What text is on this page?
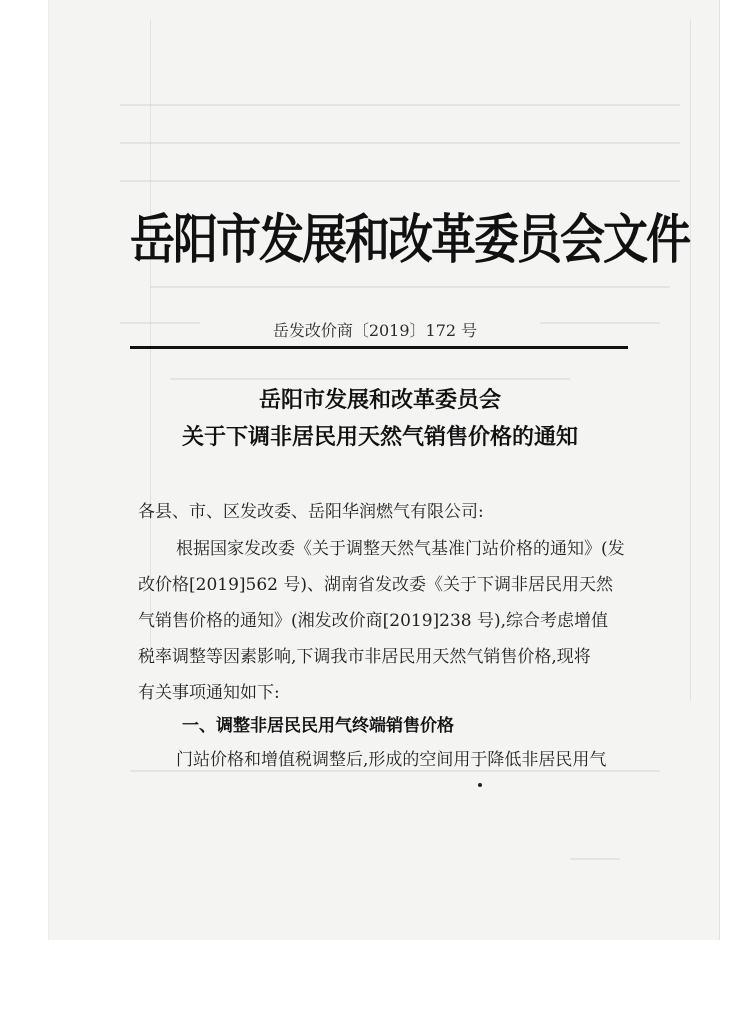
岳阳市发展和改革委员会文件
岳发改价商〔2019〕172 号
岳阳市发展和改革委员会
关于下调非居民用天然气销售价格的通知
各县、市、区发改委、岳阳华润燃气有限公司:
根据国家发改委《关于调整天然气基准门站价格的通知》(发
改价格[2019]562 号)、湖南省发改委《关于下调非居民用天然
气销售价格的通知》(湘发改价商[2019]238 号),综合考虑增值
税率调整等因素影响,下调我市非居民用天然气销售价格,现将
有关事项通知如下:
一、调整非居民民用气终端销售价格
门站价格和增值税调整后,形成的空间用于降低非居民用气
